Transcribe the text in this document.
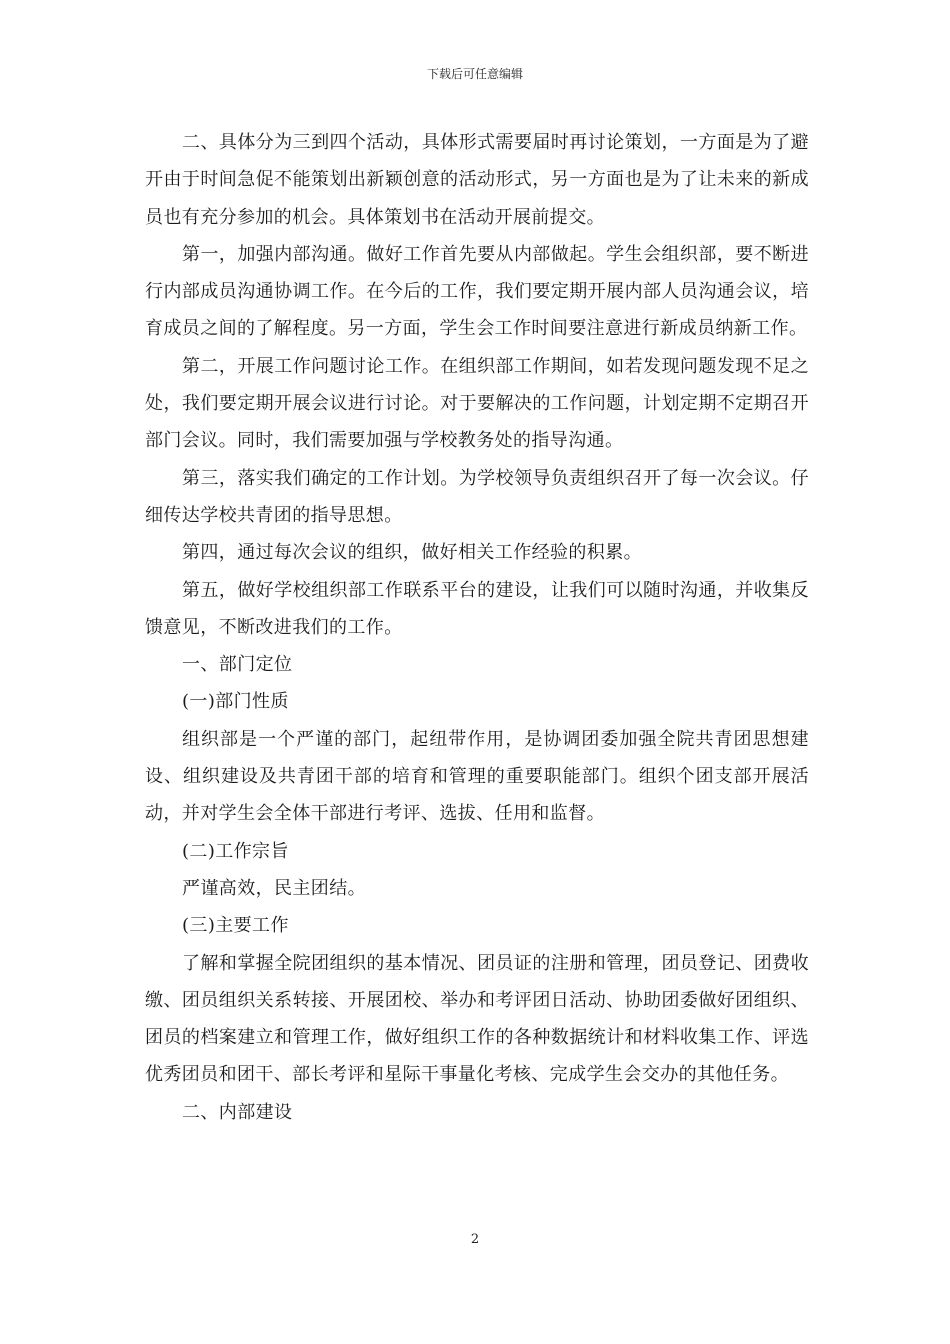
下载后可任意编辑

二、具体分为三到四个活动，具体形式需要届时再讨论策划，一方面是为了避开由于时间急促不能策划出新颖创意的活动形式，另一方面也是为了让未来的新成员也有充分参加的机会。具体策划书在活动开展前提交。

第一，加强内部沟通。做好工作首先要从内部做起。学生会组织部，要不断进行内部成员沟通协调工作。在今后的工作，我们要定期开展内部人员沟通会议，培育成员之间的了解程度。另一方面，学生会工作时间要注意进行新成员纳新工作。

第二，开展工作问题讨论工作。在组织部工作期间，如若发现问题发现不足之处，我们要定期开展会议进行讨论。对于要解决的工作问题，计划定期不定期召开部门会议。同时，我们需要加强与学校教务处的指导沟通。

第三，落实我们确定的工作计划。为学校领导负责组织召开了每一次会议。仔细传达学校共青团的指导思想。

第四，通过每次会议的组织，做好相关工作经验的积累。

第五，做好学校组织部工作联系平台的建设，让我们可以随时沟通，并收集反馈意见，不断改进我们的工作。

一、部门定位

(一)部门性质

组织部是一个严谨的部门，起纽带作用，是协调团委加强全院共青团思想建设、组织建设及共青团干部的培育和管理的重要职能部门。组织个团支部开展活动，并对学生会全体干部进行考评、选拔、任用和监督。

(二)工作宗旨

严谨高效，民主团结。

(三)主要工作

了解和掌握全院团组织的基本情况、团员证的注册和管理，团员登记、团费收缴、团员组织关系转接、开展团校、举办和考评团日活动、协助团委做好团组织、团员的档案建立和管理工作，做好组织工作的各种数据统计和材料收集工作、评选优秀团员和团干、部长考评和星际干事量化考核、完成学生会交办的其他任务。

二、内部建设

2
